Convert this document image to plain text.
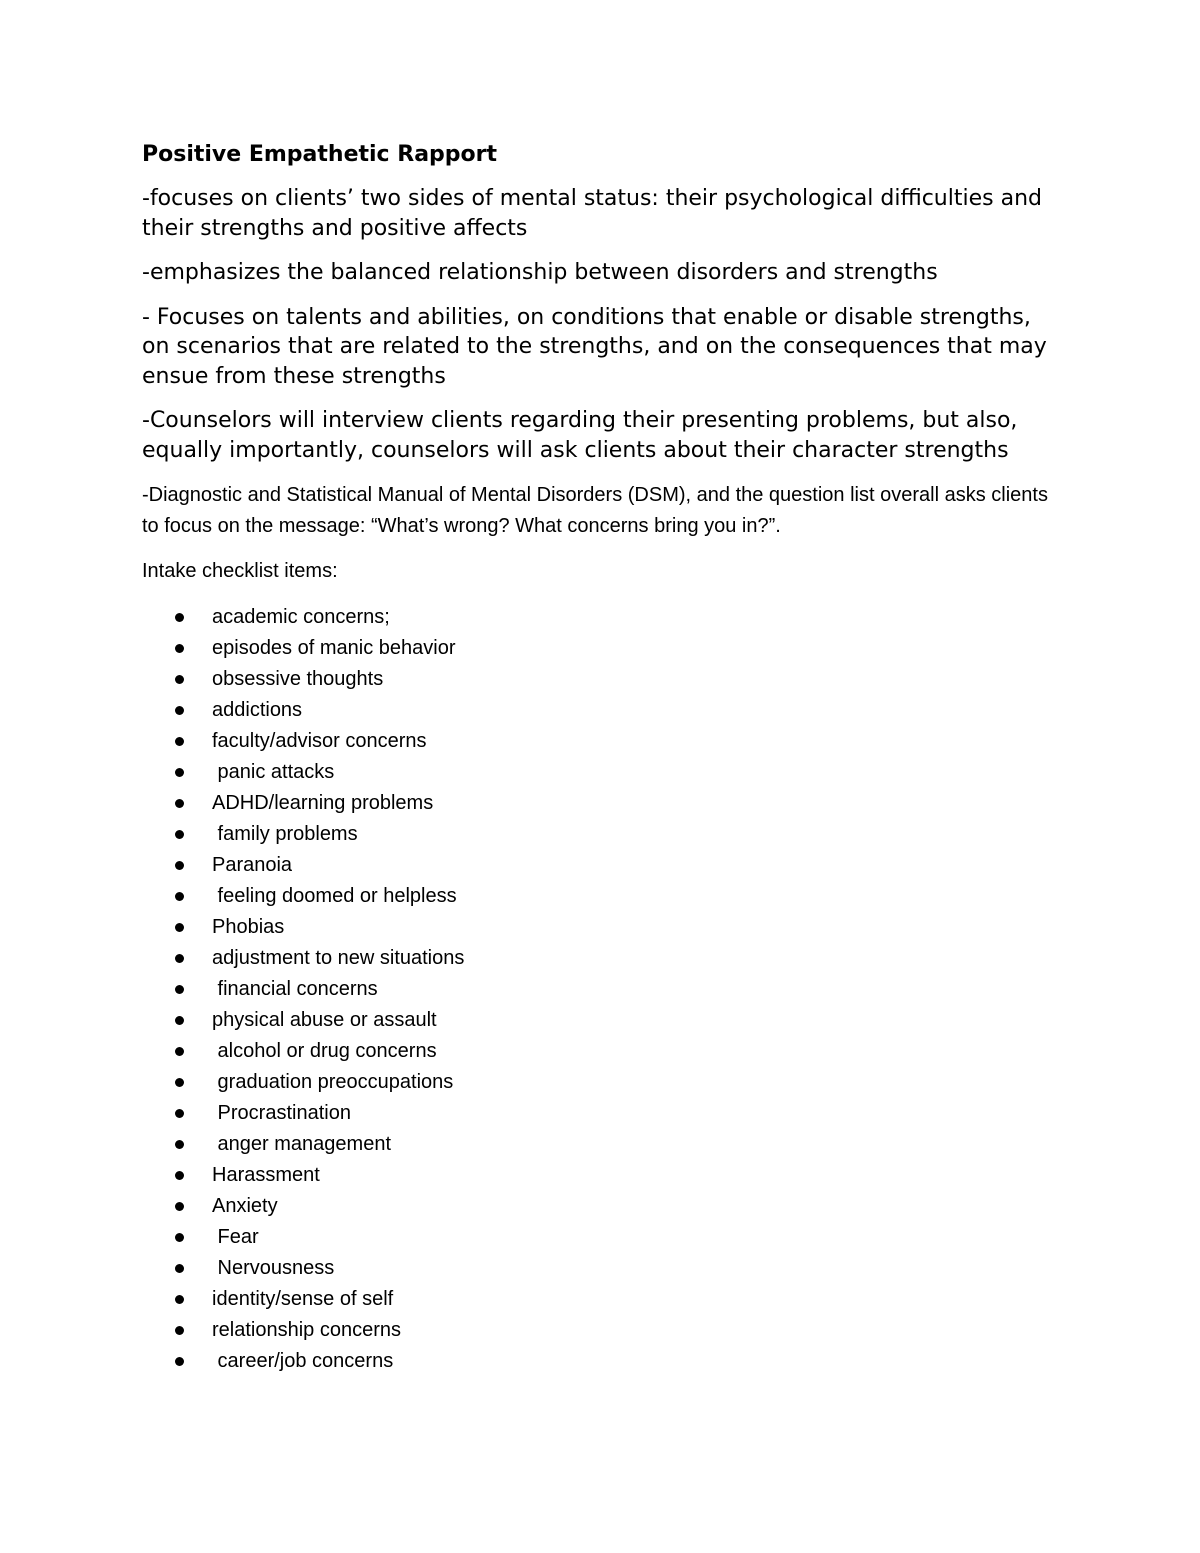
Positive Empathetic Rapport

-focuses on clients’ two sides of mental status: their psychological difficulties and their strengths and positive affects

-emphasizes the balanced relationship between disorders and strengths

- Focuses on talents and abilities, on conditions that enable or disable strengths, on scenarios that are related to the strengths, and on the consequences that may ensue from these strengths

-Counselors will interview clients regarding their presenting problems, but also, equally importantly, counselors will ask clients about their character strengths

-Diagnostic and Statistical Manual of Mental Disorders (DSM), and the question list overall asks clients to focus on the message: “What’s wrong? What concerns bring you in?”.

Intake checklist items:

academic concerns;
episodes of manic behavior
obsessive thoughts
addictions
faculty/advisor concerns
panic attacks
ADHD/learning problems
family problems
Paranoia
feeling doomed or helpless
Phobias
adjustment to new situations
financial concerns
physical abuse or assault
alcohol or drug concerns
graduation preoccupations
Procrastination
anger management
Harassment
Anxiety
Fear
Nervousness
identity/sense of self
relationship concerns
career/job concerns
